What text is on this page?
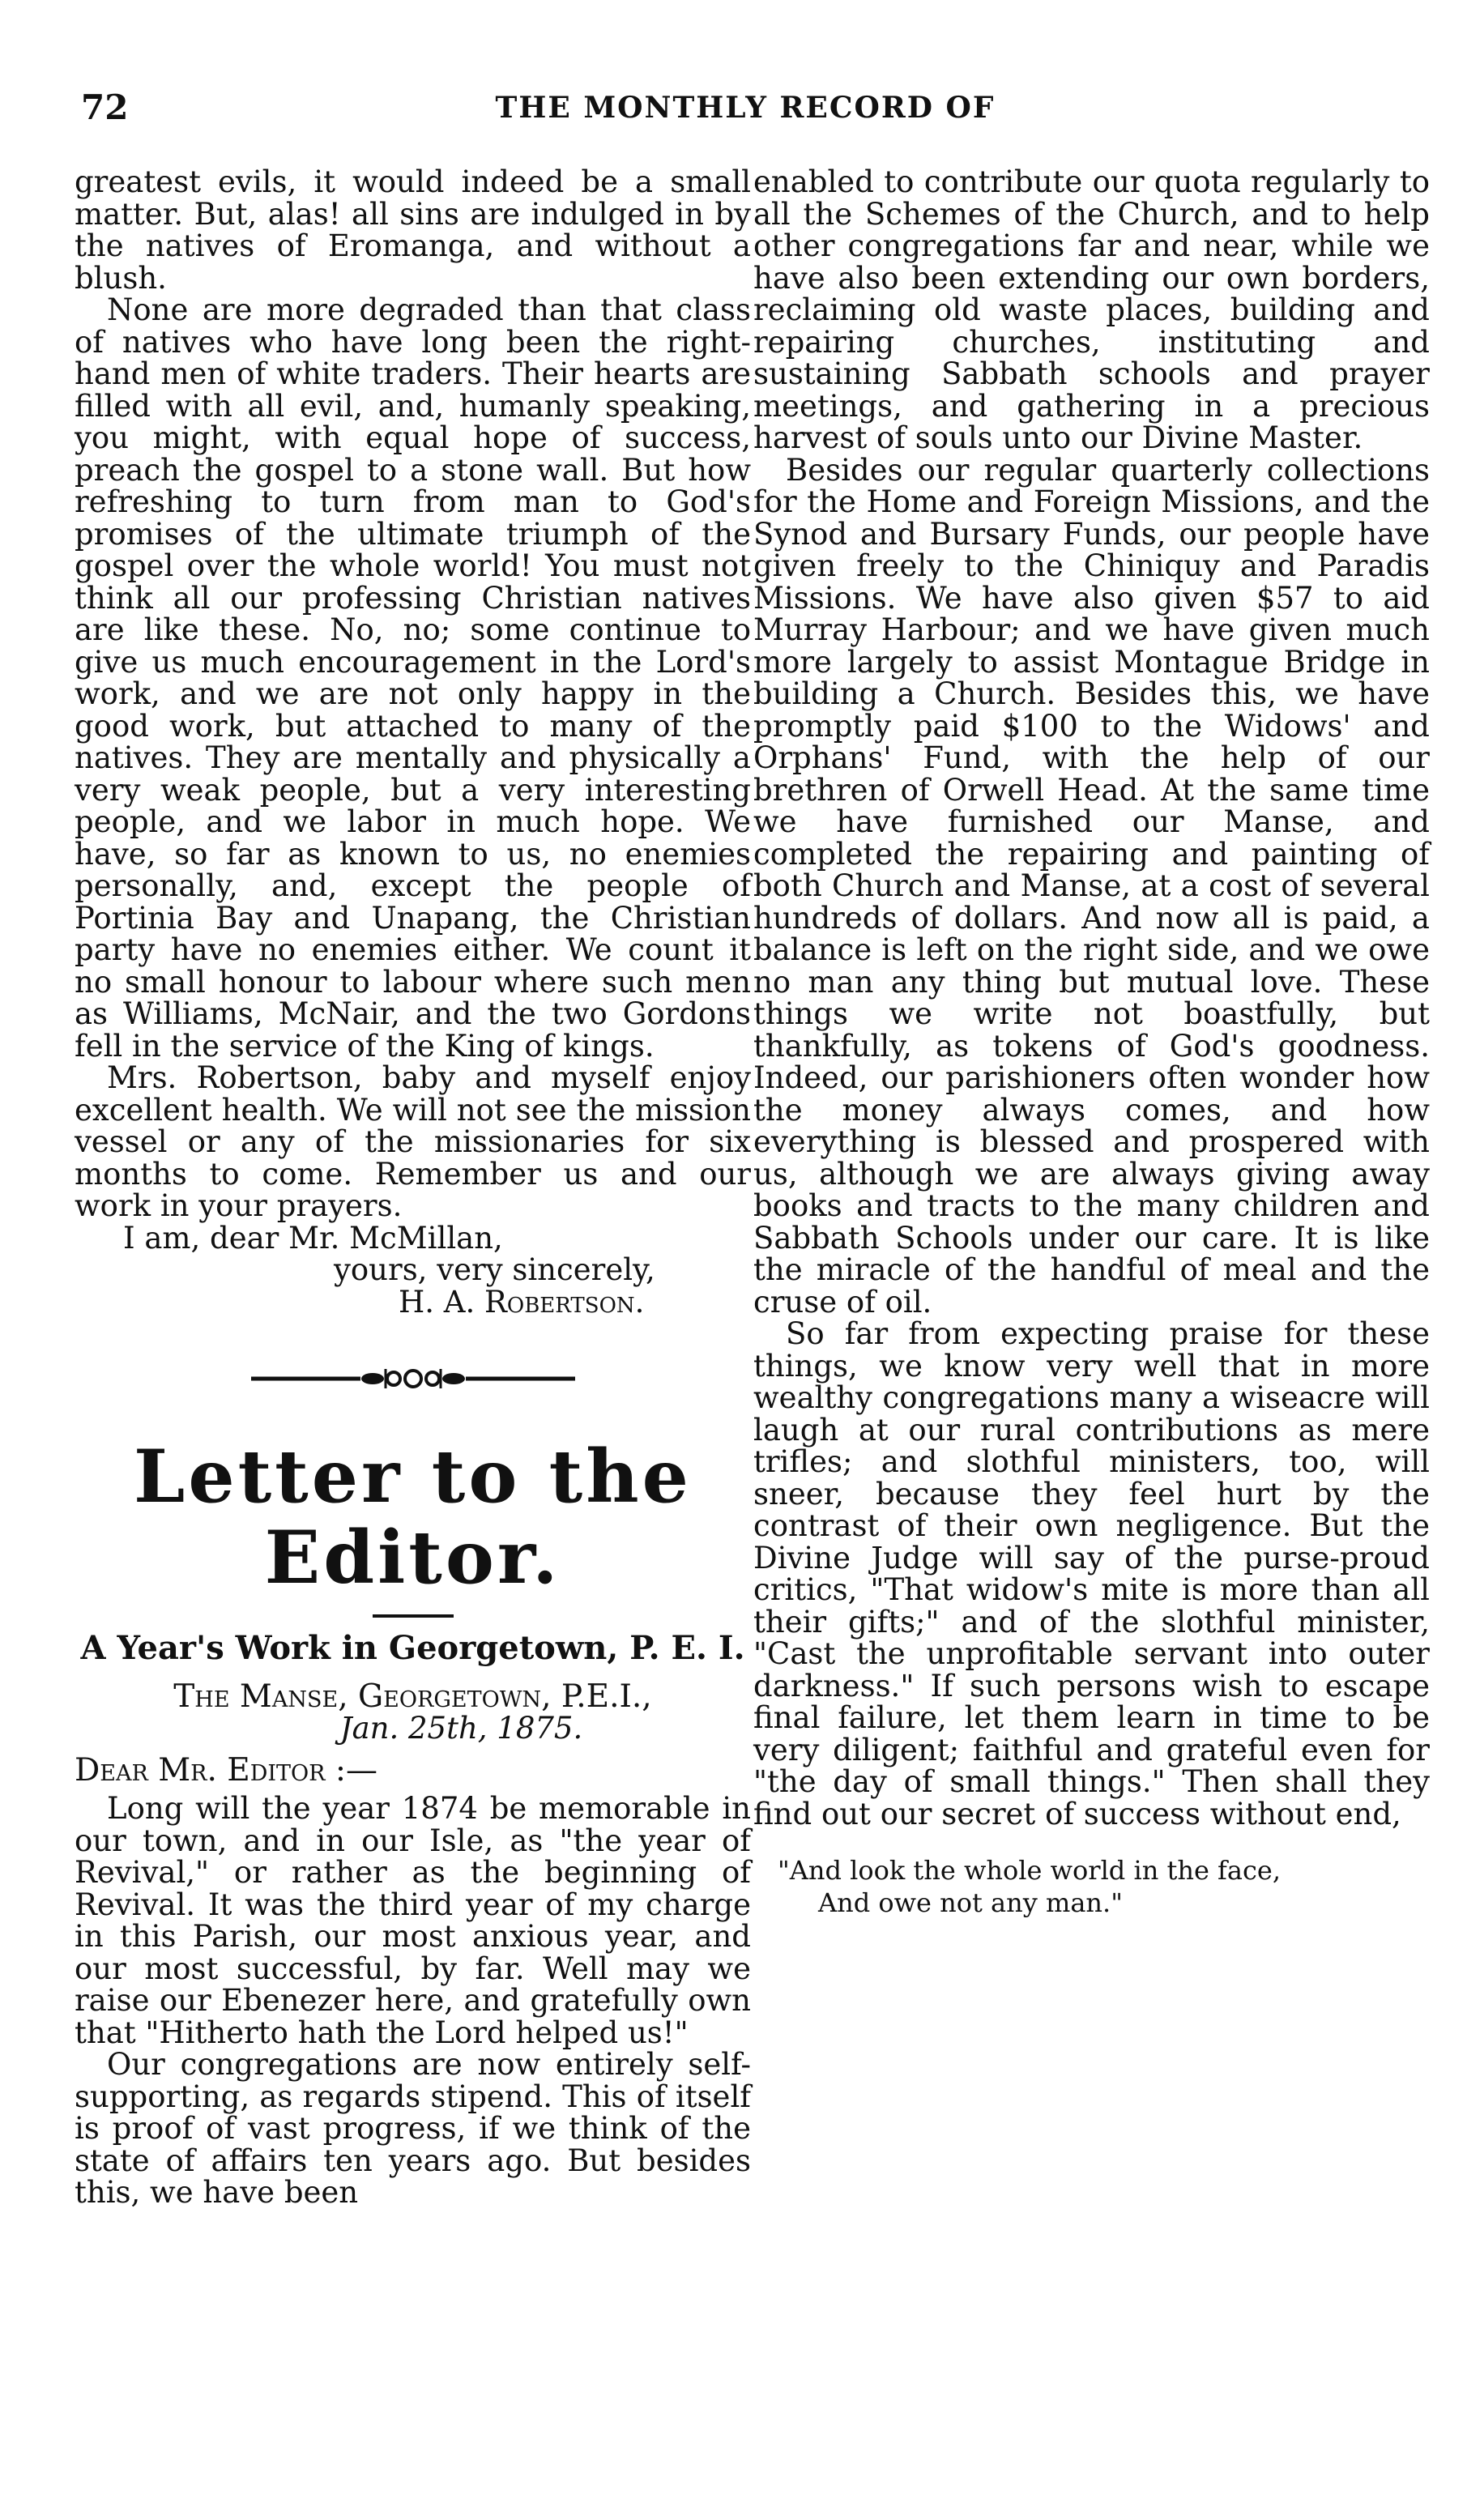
72	THE MONTHLY RECORD OF

greatest evils, it would indeed be a small matter. But, alas! all sins are indulged in by the natives of Eromanga, and without a blush.

None are more degraded than that class of natives who have long been the right-hand men of white traders. Their hearts are filled with all evil, and, humanly speaking, you might, with equal hope of success, preach the gospel to a stone wall. But how refreshing to turn from man to God's promises of the ultimate triumph of the gospel over the whole world! You must not think all our professing Christian natives are like these. No, no; some continue to give us much encouragement in the Lord's work, and we are not only happy in the good work, but attached to many of the natives. They are mentally and physically a very weak people, but a very interesting people, and we labor in much hope. We have, so far as known to us, no enemies personally, and, except the people of Portinia Bay and Unapang, the Christian party have no enemies either. We count it no small honour to labour where such men as Williams, McNair, and the two Gordons fell in the service of the King of kings.

Mrs. Robertson, baby and myself enjoy excellent health. We will not see the mission vessel or any of the missionaries for six months to come. Remember us and our work in your prayers.

I am, dear Mr. McMillan,

yours, very sincerely,

H. A. Robertson.

Letter to the Editor.

A Year's Work in Georgetown, P. E. I.

The Manse, Georgetown, P.E.I.,

Jan. 25th, 1875.

Dear Mr. Editor :—

Long will the year 1874 be memorable in our town, and in our Isle, as "the year of Revival," or rather as the beginning of Revival. It was the third year of my charge in this Parish, our most anxious year, and our most successful, by far. Well may we raise our Ebenezer here, and gratefully own that "Hitherto hath the Lord helped us!"

Our congregations are now entirely self-supporting, as regards stipend. This of itself is proof of vast progress, if we think of the state of affairs ten years ago. But besides this, we have been

enabled to contribute our quota regularly to all the Schemes of the Church, and to help other congregations far and near, while we have also been extending our own borders, reclaiming old waste places, building and repairing churches, instituting and sustaining Sabbath schools and prayer meetings, and gathering in a precious harvest of souls unto our Divine Master.

Besides our regular quarterly collections for the Home and Foreign Missions, and the Synod and Bursary Funds, our people have given freely to the Chiniquy and Paradis Missions. We have also given $57 to aid Murray Harbour; and we have given much more largely to assist Montague Bridge in building a Church. Besides this, we have promptly paid $100 to the Widows' and Orphans' Fund, with the help of our brethren of Orwell Head. At the same time we have furnished our Manse, and completed the repairing and painting of both Church and Manse, at a cost of several hundreds of dollars. And now all is paid, a balance is left on the right side, and we owe no man any thing but mutual love. These things we write not boastfully, but thankfully, as tokens of God's goodness. Indeed, our parishioners often wonder how the money always comes, and how everything is blessed and prospered with us, although we are always giving away books and tracts to the many children and Sabbath Schools under our care. It is like the miracle of the handful of meal and the cruse of oil.

So far from expecting praise for these things, we know very well that in more wealthy congregations many a wiseacre will laugh at our rural contributions as mere trifles; and slothful ministers, too, will sneer, because they feel hurt by the contrast of their own negligence. But the Divine Judge will say of the purse-proud critics, "That widow's mite is more than all their gifts;" and of the slothful minister, "Cast the unprofitable servant into outer darkness." If such persons wish to escape final failure, let them learn in time to be very diligent; faithful and grateful even for "the day of small things." Then shall they find out our secret of success without end,

"And look the whole world in the face,

And owe not any man."
